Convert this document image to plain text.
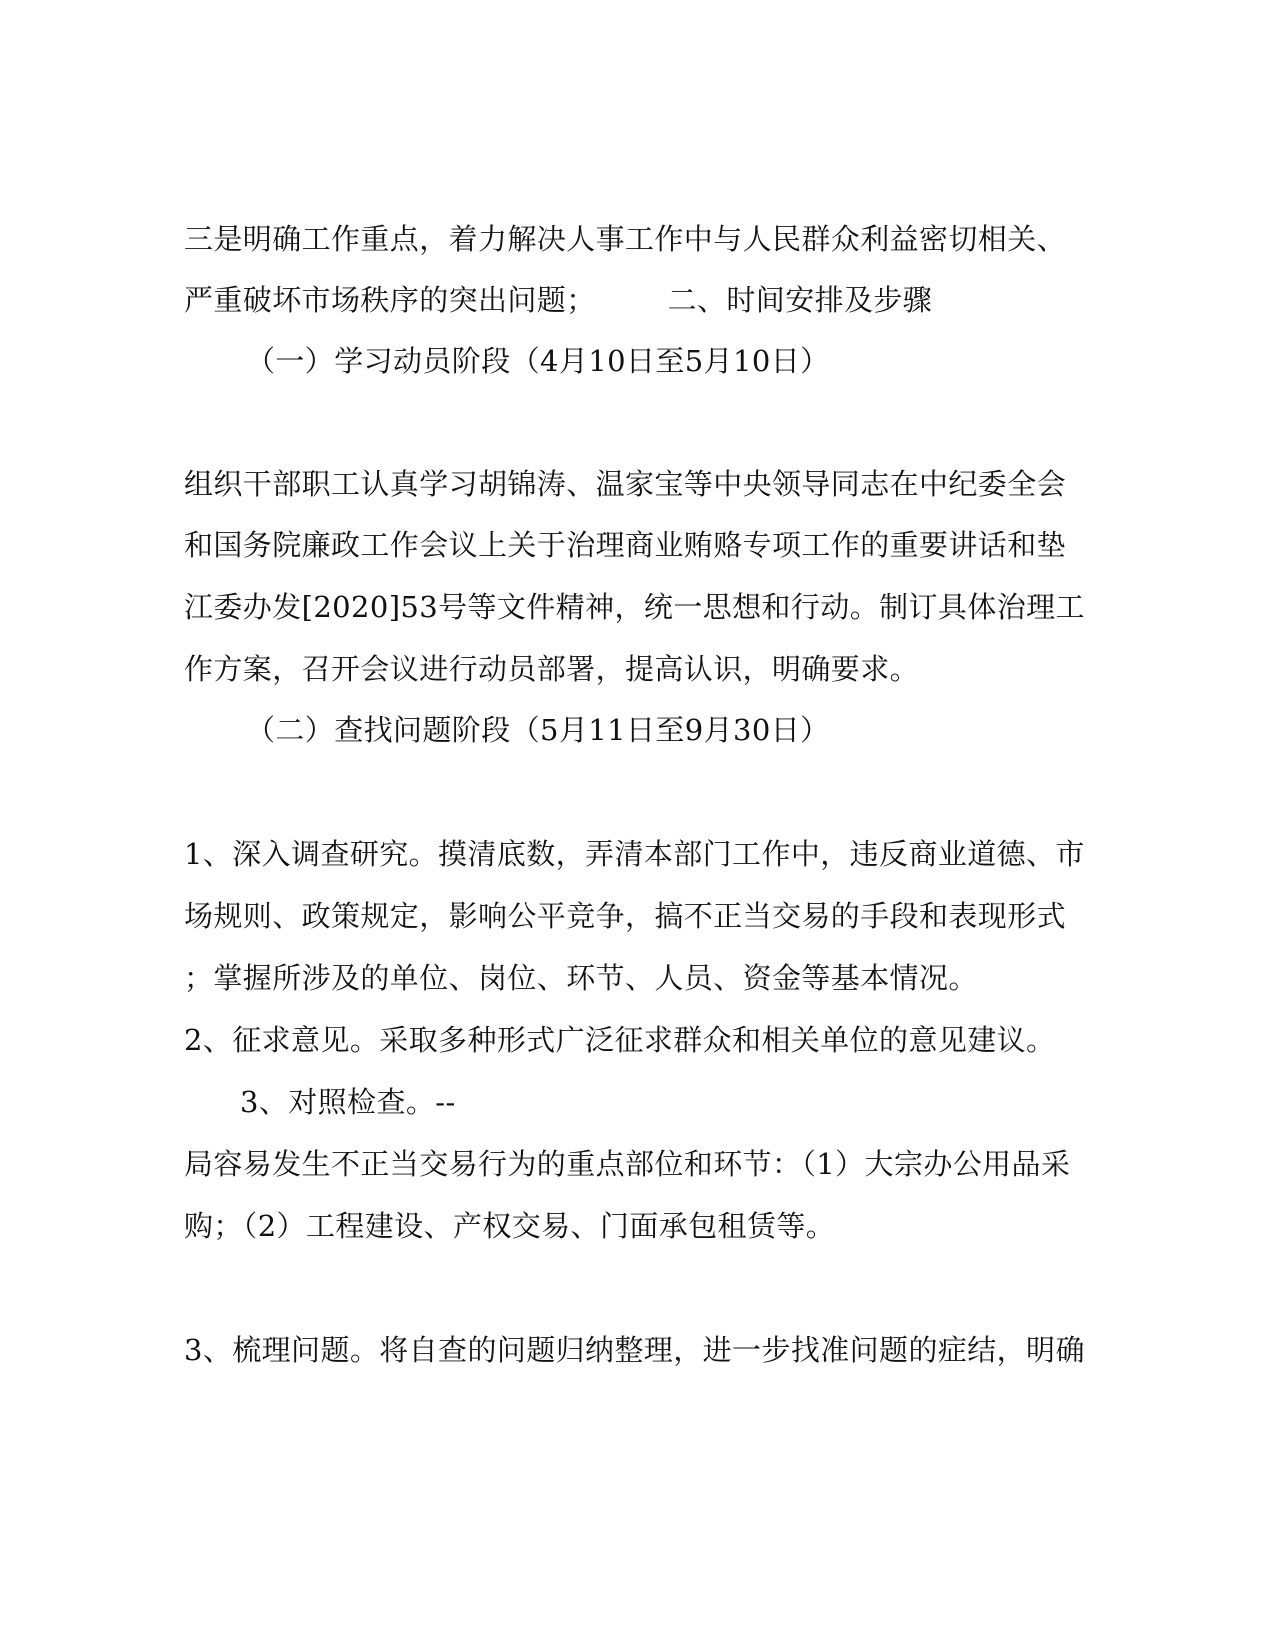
三是明确工作重点，着力解决人事工作中与人民群众利益密切相关、
严重破坏市场秩序的突出问题； 二、时间安排及步骤
（一）学习动员阶段（4月10日至5月10日）
组织干部职工认真学习胡锦涛、温家宝等中央领导同志在中纪委全会
和国务院廉政工作会议上关于治理商业贿赂专项工作的重要讲话和垫
江委办发[2020]53号等文件精神，统一思想和行动。制订具体治理工
作方案，召开会议进行动员部署，提高认识，明确要求。
（二）查找问题阶段（5月11日至9月30日）
1、深入调查研究。摸清底数，弄清本部门工作中，违反商业道德、市
场规则、政策规定，影响公平竞争，搞不正当交易的手段和表现形式
；掌握所涉及的单位、岗位、环节、人员、资金等基本情况。
2、征求意见。采取多种形式广泛征求群众和相关单位的意见建议。
3、对照检查。--
局容易发生不正当交易行为的重点部位和环节：（1）大宗办公用品采
购；（2）工程建设、产权交易、门面承包租赁等。
3、梳理问题。将自查的问题归纳整理，进一步找准问题的症结，明确
